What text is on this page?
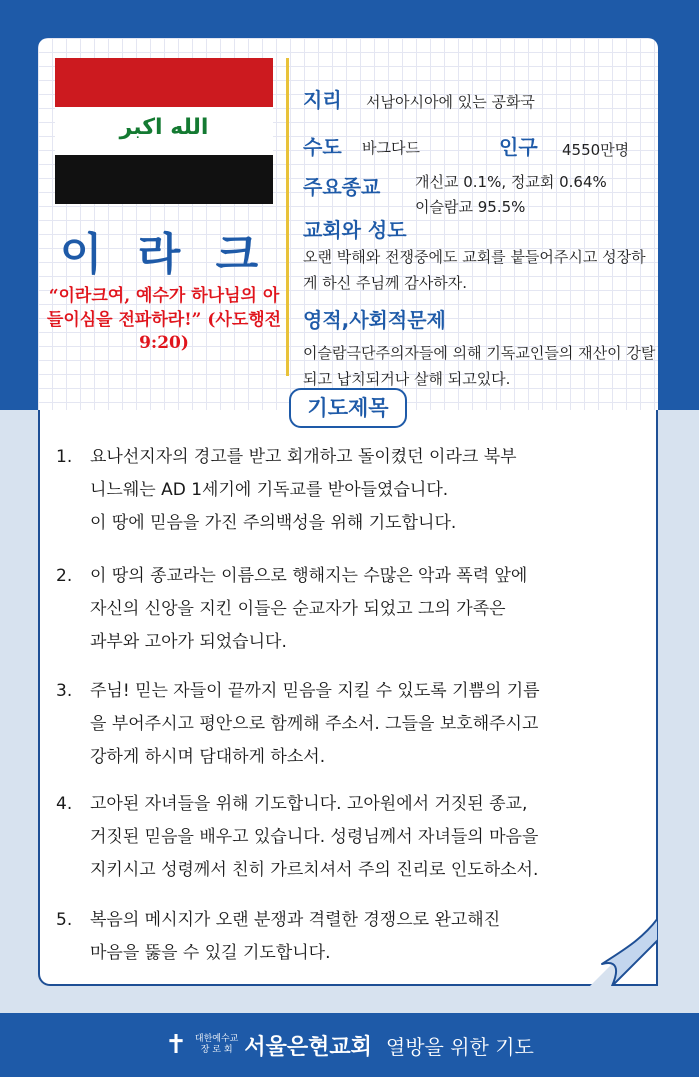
الله اكبر
이 라 크
“이라크여, 예수가 하나님의 아들이심을 전파하라!” (사도행전 9:20)
지리 서남아시아에 있는 공화국
수도 바그다드	인구 4550만명
주요종교 개신교 0.1%, 정교회 0.64%
이슬람교 95.5%
교회와 성도
오랜 박해와 전쟁중에도 교회를 붙들어주시고 성장하게 하신 주님께 감사하자.
영적,사회적문제
이슬람극단주의자들에 의해 기독교인들의 재산이 강탈되고 납치되거나 살해 되고있다.
기도제목
1.	요나선지자의 경고를 받고 회개하고 돌이켰던 이라크 북부
니느웨는 AD 1세기에 기독교를 받아들였습니다.
이 땅에 믿음을 가진 주의백성을 위해 기도합니다.
2.	이 땅의 종교라는 이름으로 행해지는 수많은 악과 폭력 앞에
자신의 신앙을 지킨 이들은 순교자가 되었고 그의 가족은
과부와 고아가 되었습니다.
3.	주님! 믿는 자들이 끝까지 믿음을 지킬 수 있도록 기쁨의 기름
을 부어주시고 평안으로 함께해 주소서. 그들을 보호해주시고
강하게 하시며 담대하게 하소서.
4.	고아된 자녀들을 위해 기도합니다. 고아원에서 거짓된 종교,
거짓된 믿음을 배우고 있습니다. 성령님께서 자녀들의 마음을
지키시고 성령께서 친히 가르치셔서 주의 진리로 인도하소서.
5.	복음의 메시지가 오랜 분쟁과 격렬한 경쟁으로 완고해진
마음을 뚫을 수 있길 기도합니다.
✝ 대한예수교
장 로 회 서울은현교회 열방을 위한 기도
